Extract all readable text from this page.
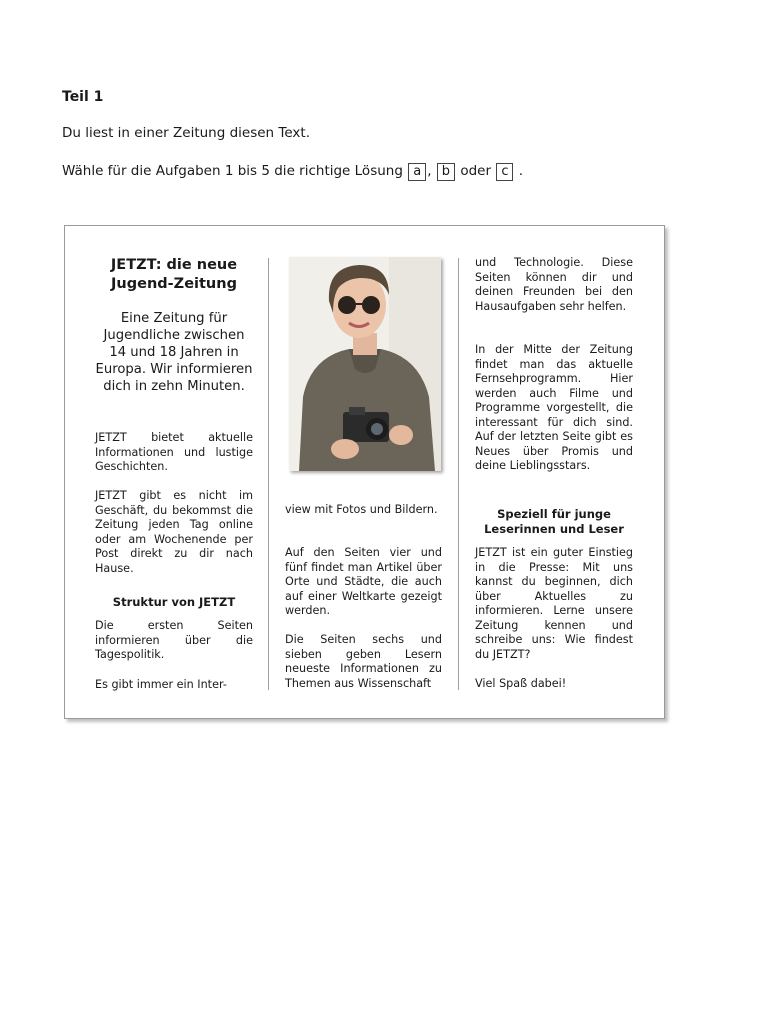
Teil 1

Du liest in einer Zeitung diesen Text.

Wähle für die Aufgaben 1 bis 5 die richtige Lösung a , b oder c .

JETZT: die neue Jugend-Zeitung

Eine Zeitung für Jugendliche zwischen 14 und 18 Jahren in Europa. Wir informieren dich in zehn Minuten.

JETZT bietet aktuelle Informationen und lustige Geschichten.

JETZT gibt es nicht im Geschäft, du bekommst die Zeitung jeden Tag online oder am Wochenende per Post direkt zu dir nach Hause.

Struktur von JETZT

Die ersten Seiten informieren über die Tagespolitik.

Es gibt immer ein Inter-

view mit Fotos und Bildern.

Auf den Seiten vier und fünf findet man Artikel über Orte und Städte, die auch auf einer Weltkarte gezeigt werden.

Die Seiten sechs und sieben geben Lesern neueste Informationen zu Themen aus Wissenschaft

und Technologie. Diese Seiten können dir und deinen Freunden bei den Hausaufgaben sehr helfen.

In der Mitte der Zeitung findet man das aktuelle Fernsehprogramm. Hier werden auch Filme und Programme vorgestellt, die interessant für dich sind. Auf der letzten Seite gibt es Neues über Promis und deine Lieblingsstars.

Speziell für junge Leserinnen und Leser

JETZT ist ein guter Einstieg in die Presse: Mit uns kannst du beginnen, dich über Aktuelles zu informieren. Lerne unsere Zeitung kennen und schreibe uns: Wie findest du JETZT?

Viel Spaß dabei!
